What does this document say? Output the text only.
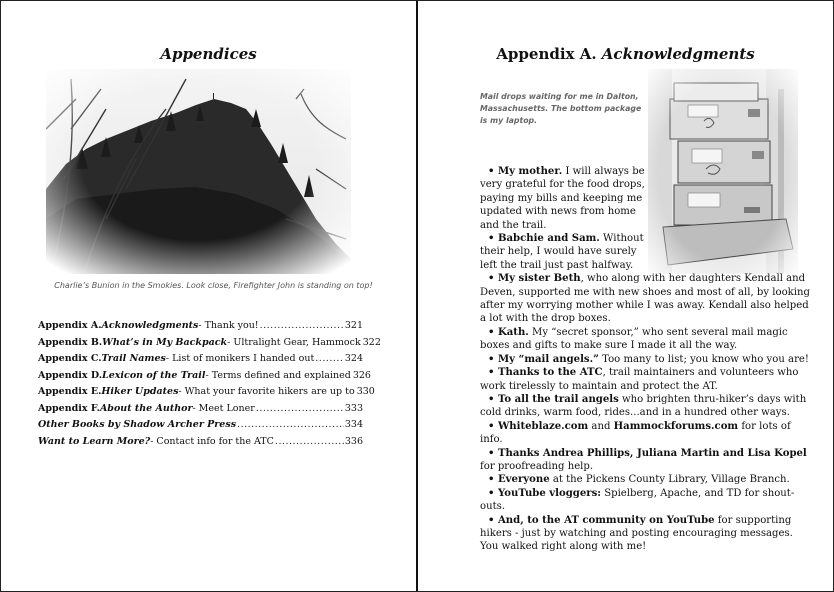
Appendices
Charlie’s Bunion in the Smokies. Look close, Firefighter John is standing on top!
Appendix A. Acknowledgments - Thank you! .....	321
Appendix B. What’s in My Backpack - Ultralight Gear, Hammock 322
Appendix C. Trail Names - List of monikers I handed out .....	324
Appendix D. Lexicon of the Trail - Terms defined and explained 326
Appendix E. Hiker Updates - What your favorite hikers are up to 330
Appendix F. About the Author - Meet Loner .....	333
Other Books by Shadow Archer Press .....	334
Want to Learn More? - Contact info for the ATC .....	336
Appendix A. Acknowledgments
Mail drops waiting for me in Dalton, Massachusetts. The bottom package is my laptop.

• My mother. I will always be very grateful for the food drops, paying my bills and keeping me updated with news from home and the trail.

• Babchie and Sam. Without their help, I would have surely left the trail just past halfway.

• My sister Beth, who along with her daughters Kendall and Deven, supported me with new shoes and most of all, by looking after my worrying mother while I was away. Kendall also helped a lot with the drop boxes.

• Kath. My “secret sponsor,” who sent several mail magic boxes and gifts to make sure I made it all the way.

• My “mail angels.” Too many to list; you know who you are!

• Thanks to the ATC, trail maintainers and volunteers who work tirelessly to maintain and protect the AT.

• To all the trail angels who brighten thru-hiker’s days with cold drinks, warm food, rides...and in a hundred other ways.

• Whiteblaze.com and Hammockforums.com for lots of info.

• Thanks Andrea Phillips, Juliana Martin and Lisa Kopel for proofreading help.

• Everyone at the Pickens County Library, Village Branch.

• YouTube vloggers: Spielberg, Apache, and TD for shout-outs.

• And, to the AT community on YouTube for supporting hikers - just by watching and posting encouraging messages. You walked right along with me!
